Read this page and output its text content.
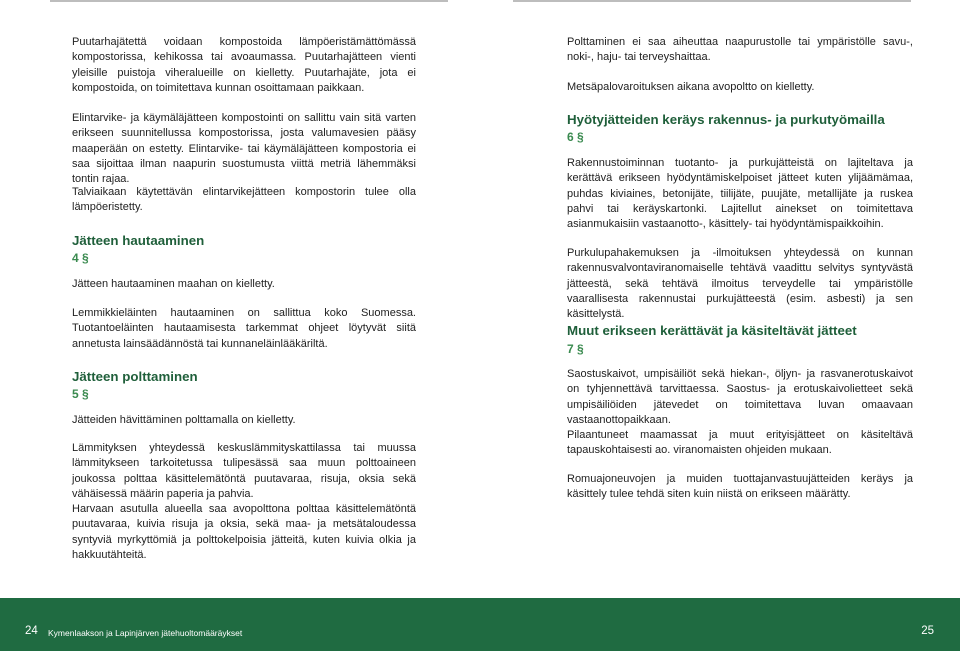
Puutarhajätettä voidaan kompostoida lämpöeristämättömässä kompostorissa, kehikossa tai avoaumassa. Puutarhajätteen vienti yleisille puistoja viheralueille on kielletty. Puutarhajäte, jota ei kompostoida, on toimitettava kunnan osoittamaan paikkaan.

Elintarvike- ja käymäläjätteen kompostointi on sallittu vain sitä varten erikseen suunnitellussa kompostorissa, josta valumavesien pääsy maaperään on estetty. Elintarvike- tai käymäläjätteen kompostoria ei saa sijoittaa ilman naapurin suostumusta viittä metriä lähemmäksi tontin rajaa.

Talviaikaan käytettävän elintarvikejätteen kompostorin tulee olla lämpöeristetty.

Jätteen hautaaminen

4 §

Jätteen hautaaminen maahan on kielletty.

Lemmikkieläinten hautaaminen on sallittua koko Suomessa. Tuotantoeläinten hautaamisesta tarkemmat ohjeet löytyvät siitä annetusta lainsäädännöstä tai kunnaneläinlääkäriltä.

Jätteen polttaminen

5 §

Jätteiden hävittäminen polttamalla on kielletty.

Lämmityksen yhteydessä keskuslämmityskattilassa tai muussa lämmitykseen tarkoitetussa tulipesässä saa muun polttoaineen joukossa polttaa käsittelemätöntä puutavaraa, risuja, oksia sekä vähäisessä määrin paperia ja pahvia.

Harvaan asutulla alueella saa avopolttona polttaa käsittelemätöntä puutavaraa, kuivia risuja ja oksia, sekä maa- ja metsätaloudessa syntyviä myrkyttömiä ja polttokelpoisia jätteitä, kuten kuivia olkia ja hakkuutähteitä.

Polttaminen ei saa aiheuttaa naapurustolle tai ympäristölle savu-, noki-, haju- tai terveyshaittaa.

Metsäpalovaroituksen aikana avopoltto on kielletty.

Hyötyjätteiden keräys rakennus- ja purkutyömailla

6 §

Rakennustoiminnan tuotanto- ja purkujätteistä on lajiteltava ja kerättävä erikseen hyödyntämiskelpoiset jätteet kuten ylijäämämaa, puhdas kiviaines, betonijäte, tiilijäte, puujäte, metallijäte ja ruskea pahvi tai keräyskartonki. Lajitellut ainekset on toimitettava asianmukaisiin vastaanotto-, käsittely- tai hyödyntämispaikkoihin.

Purkulupahakemuksen ja -ilmoituksen yhteydessä on kunnan rakennusvalvontaviranomaiselle tehtävä vaadittu selvitys syntyvästä jätteestä, sekä tehtävä ilmoitus terveydelle tai ympäristölle vaarallisesta rakennustai purkujätteestä (esim. asbesti) ja sen käsittelystä.

Muut erikseen kerättävät ja käsiteltävät jätteet

7 §

Saostuskaivot, umpisäiliöt sekä hiekan-, öljyn- ja rasvanerotuskaivot on tyhjennettävä tarvittaessa. Saostus- ja erotuskaivolietteet sekä umpisäiliöiden jätevedet on toimitettava luvan omaavaan vastaanottopaikkaan.

Pilaantuneet maamassat ja muut erityisjätteet on käsiteltävä tapauskohtaisesti ao. viranomaisten ohjeiden mukaan.

Romuajoneuvojen ja muiden tuottajanvastuujätteiden keräys ja käsittely tulee tehdä siten kuin niistä on erikseen määrätty.

24 Kymenlaakson ja Lapinjärven jätehuoltomääräykset	25
